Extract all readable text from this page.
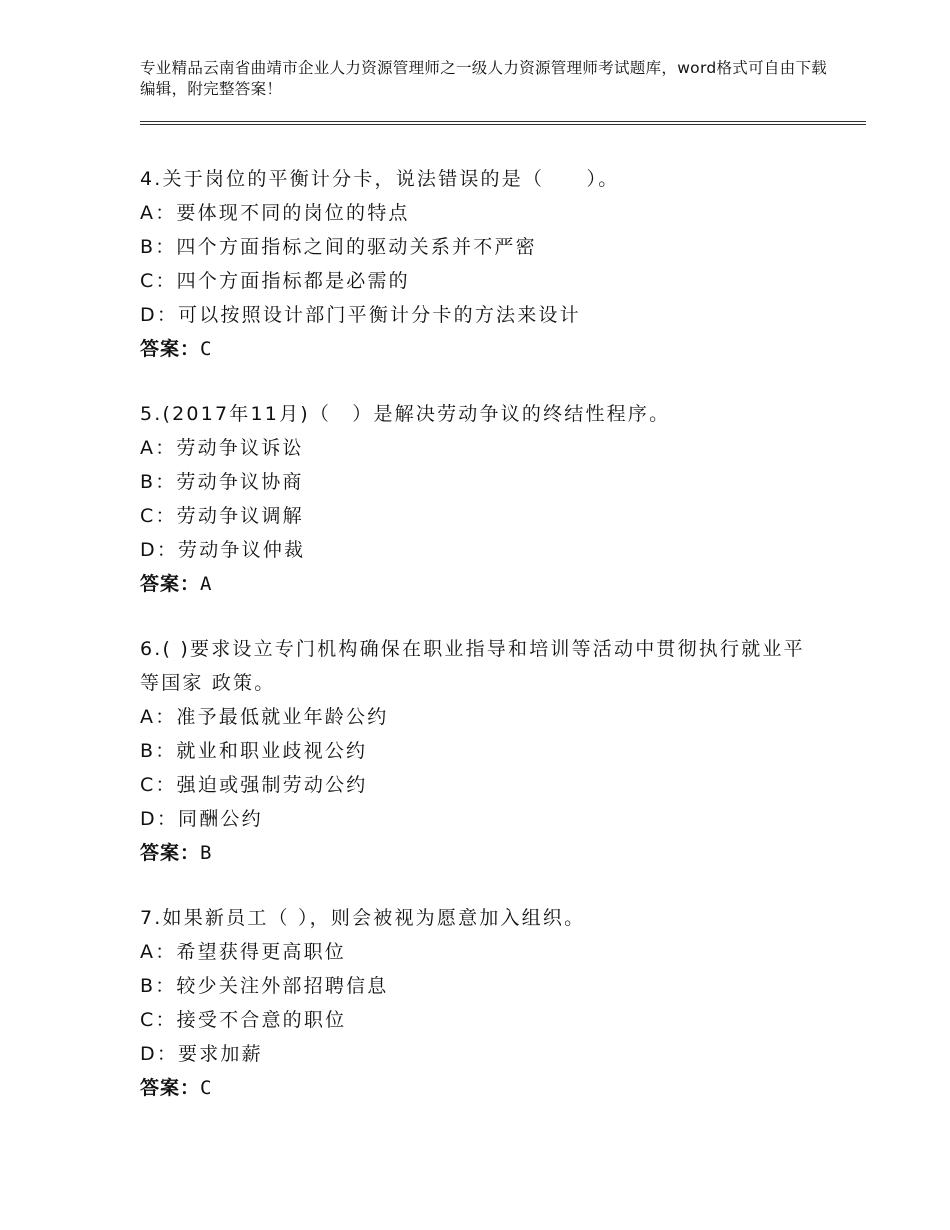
专业精品云南省曲靖市企业人力资源管理师之一级人力资源管理师考试题库，word格式可自由下载编辑，附完整答案！
4.关于岗位的平衡计分卡，说法错误的是（　　）。
A：要体现不同的岗位的特点
B：四个方面指标之间的驱动关系并不严密
C：四个方面指标都是必需的
D：可以按照设计部门平衡计分卡的方法来设计
答案：C
5.(2017年11月)（　）是解决劳动争议的终结性程序。
A：劳动争议诉讼
B：劳动争议协商
C：劳动争议调解
D：劳动争议仲裁
答案：A
6.( )要求设立专门机构确保在职业指导和培训等活动中贯彻执行就业平等国家 政策。
A：准予最低就业年龄公约
B：就业和职业歧视公约
C：强迫或强制劳动公约
D：同酬公约
答案：B
7.如果新员工（ ），则会被视为愿意加入组织。
A：希望获得更高职位
B：较少关注外部招聘信息
C：接受不合意的职位
D：要求加薪
答案：C
